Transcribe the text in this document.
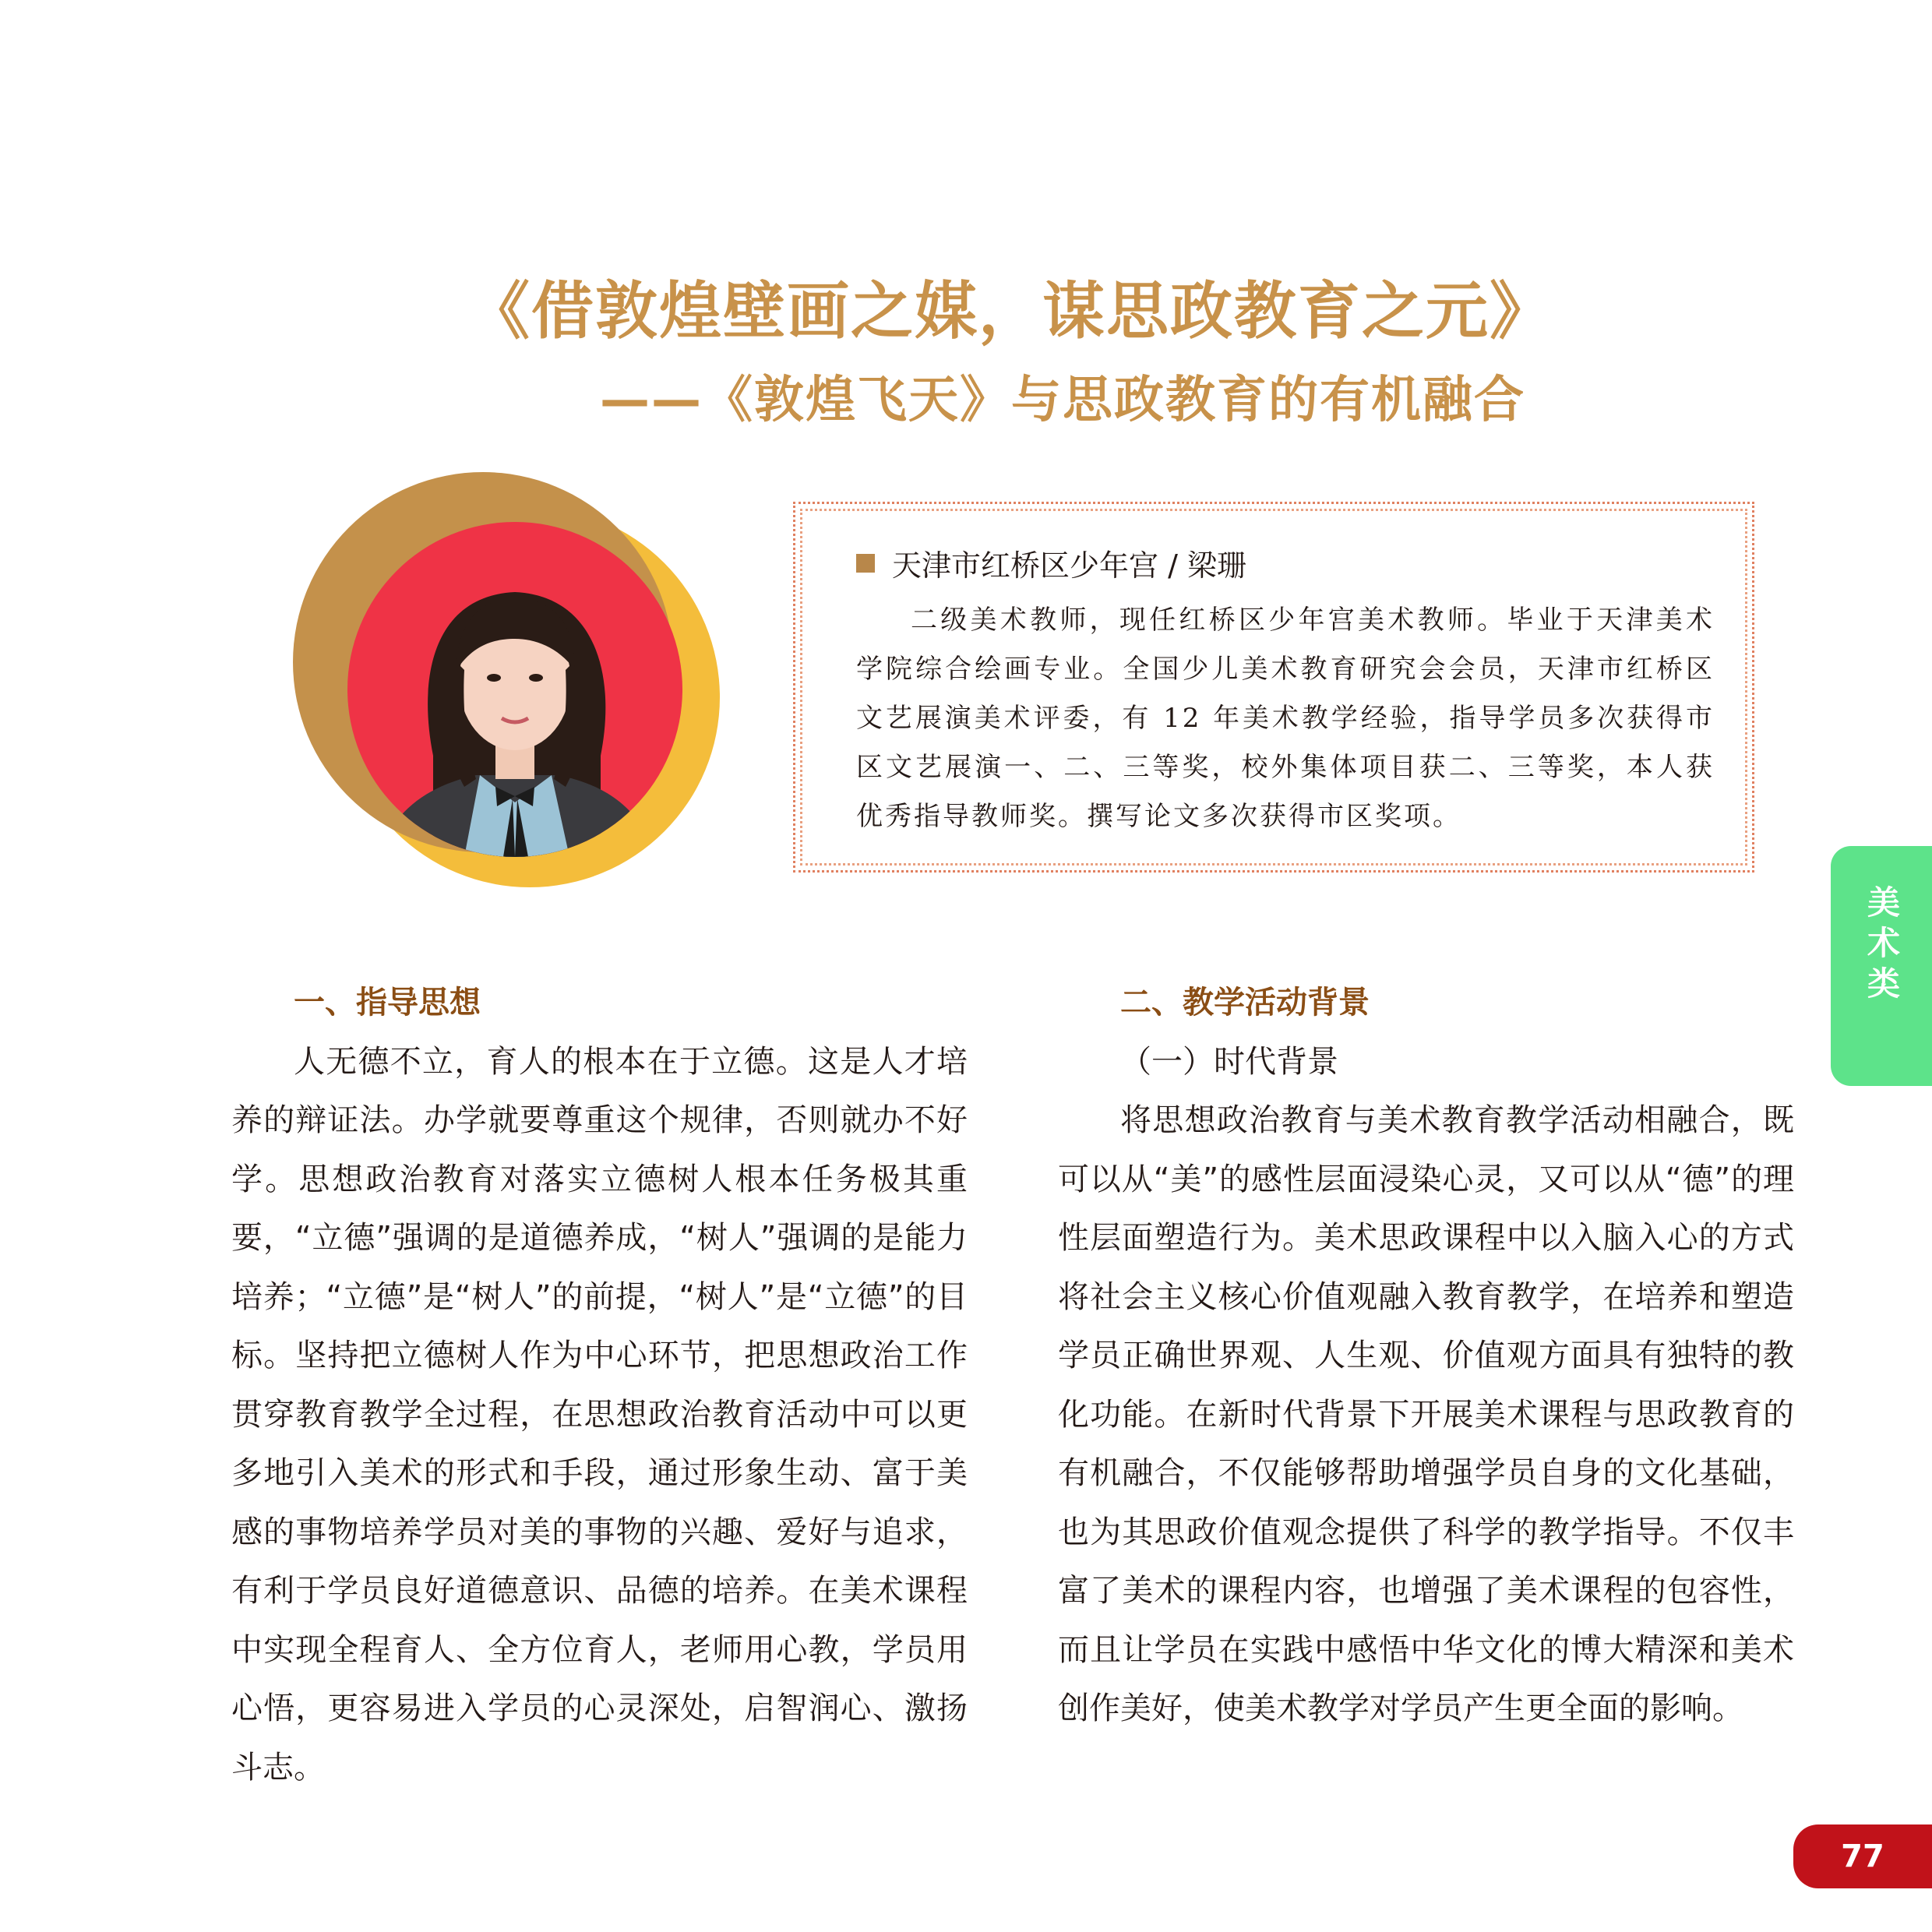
《借敦煌壁画之媒，谋思政教育之元》
——《敦煌飞天》与思政教育的有机融合
天津市红桥区少年宫 / 梁珊
二级美术教师，现任红桥区少年宫美术教师。毕业于天津美术学院综合绘画专业。全国少儿美术教育研究会会员，天津市红桥区文艺展演美术评委，有 12 年美术教学经验，指导学员多次获得市区文艺展演一、二、三等奖，校外集体项目获二、三等奖，本人获优秀指导教师奖。撰写论文多次获得市区奖项。
美术类

一、指导思想

人无德不立，育人的根本在于立德。这是人才培养的辩证法。办学就要尊重这个规律，否则就办不好学。思想政治教育对落实立德树人根本任务极其重要，“立德”强调的是道德养成，“树人”强调的是能力培养；“立德”是“树人”的前提，“树人”是“立德”的目标。坚持把立德树人作为中心环节，把思想政治工作贯穿教育教学全过程，在思想政治教育活动中可以更多地引入美术的形式和手段，通过形象生动、富于美感的事物培养学员对美的事物的兴趣、爱好与追求，有利于学员良好道德意识、品德的培养。在美术课程中实现全程育人、全方位育人，老师用心教，学员用心悟，更容易进入学员的心灵深处，启智润心、激扬斗志。

二、教学活动背景

（一）时代背景

将思想政治教育与美术教育教学活动相融合，既可以从“美”的感性层面浸染心灵，又可以从“德”的理性层面塑造行为。美术思政课程中以入脑入心的方式将社会主义核心价值观融入教育教学，在培养和塑造学员正确世界观、人生观、价值观方面具有独特的教化功能。在新时代背景下开展美术课程与思政教育的有机融合，不仅能够帮助增强学员自身的文化基础，也为其思政价值观念提供了科学的教学指导。不仅丰富了美术的课程内容，也增强了美术课程的包容性，而且让学员在实践中感悟中华文化的博大精深和美术创作美好，使美术教学对学员产生更全面的影响。

77
